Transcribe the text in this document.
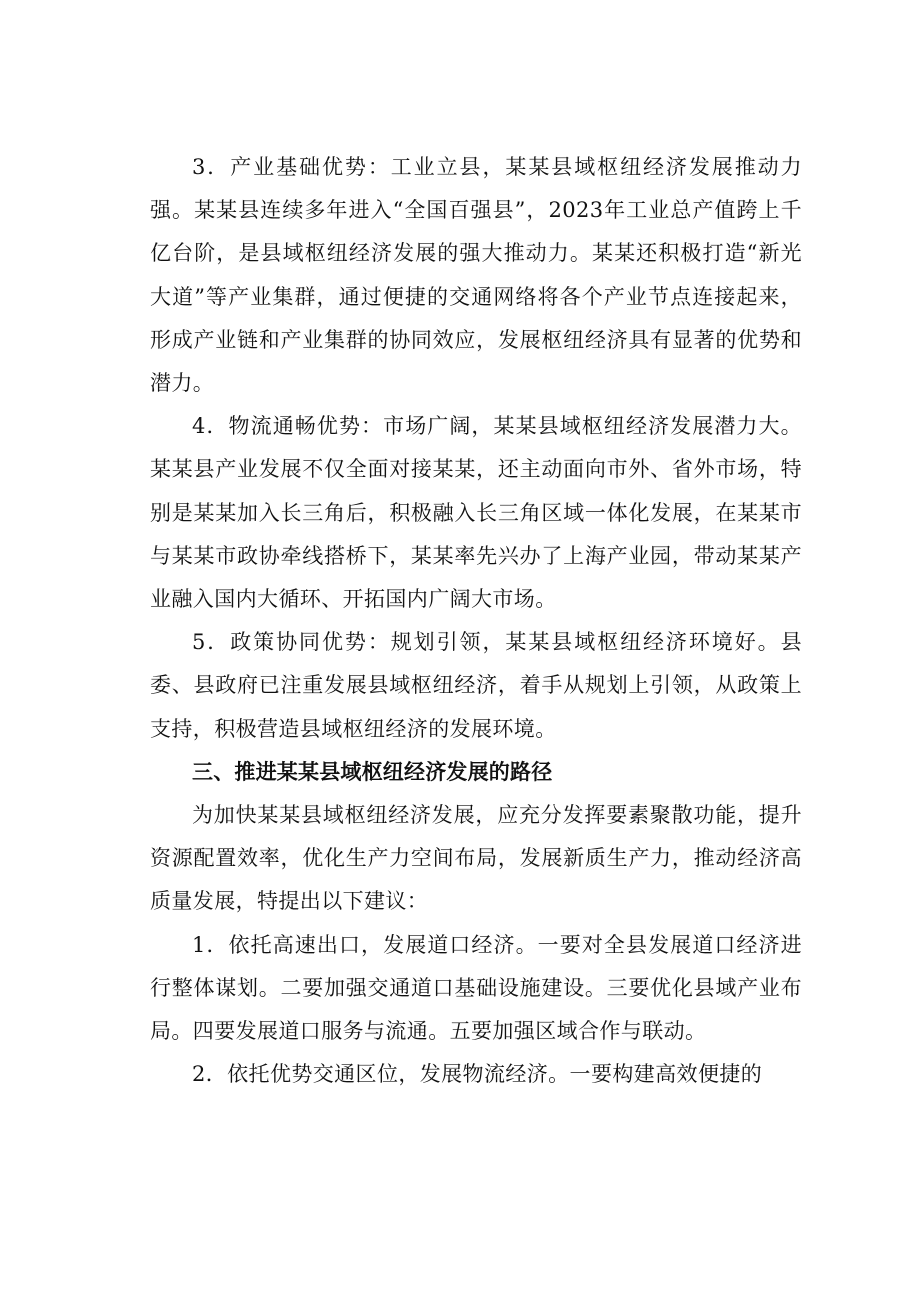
3．产业基础优势：工业立县，某某县域枢纽经济发展推动力强。某某县连续多年进入“全国百强县”，2023年工业总产值跨上千亿台阶，是县域枢纽经济发展的强大推动力。某某还积极打造“新光大道”等产业集群，通过便捷的交通网络将各个产业节点连接起来，形成产业链和产业集群的协同效应，发展枢纽经济具有显著的优势和潜力。

4．物流通畅优势：市场广阔，某某县域枢纽经济发展潜力大。某某县产业发展不仅全面对接某某，还主动面向市外、省外市场，特别是某某加入长三角后，积极融入长三角区域一体化发展，在某某市与某某市政协牵线搭桥下，某某率先兴办了上海产业园，带动某某产业融入国内大循环、开拓国内广阔大市场。

5．政策协同优势：规划引领，某某县域枢纽经济环境好。县委、县政府已注重发展县域枢纽经济，着手从规划上引领，从政策上支持，积极营造县域枢纽经济的发展环境。

三、推进某某县域枢纽经济发展的路径

为加快某某县域枢纽经济发展，应充分发挥要素聚散功能，提升资源配置效率，优化生产力空间布局，发展新质生产力，推动经济高质量发展，特提出以下建议：

1．依托高速出口，发展道口经济。一要对全县发展道口经济进行整体谋划。二要加强交通道口基础设施建设。三要优化县域产业布局。四要发展道口服务与流通。五要加强区域合作与联动。

2．依托优势交通区位，发展物流经济。一要构建高效便捷的
